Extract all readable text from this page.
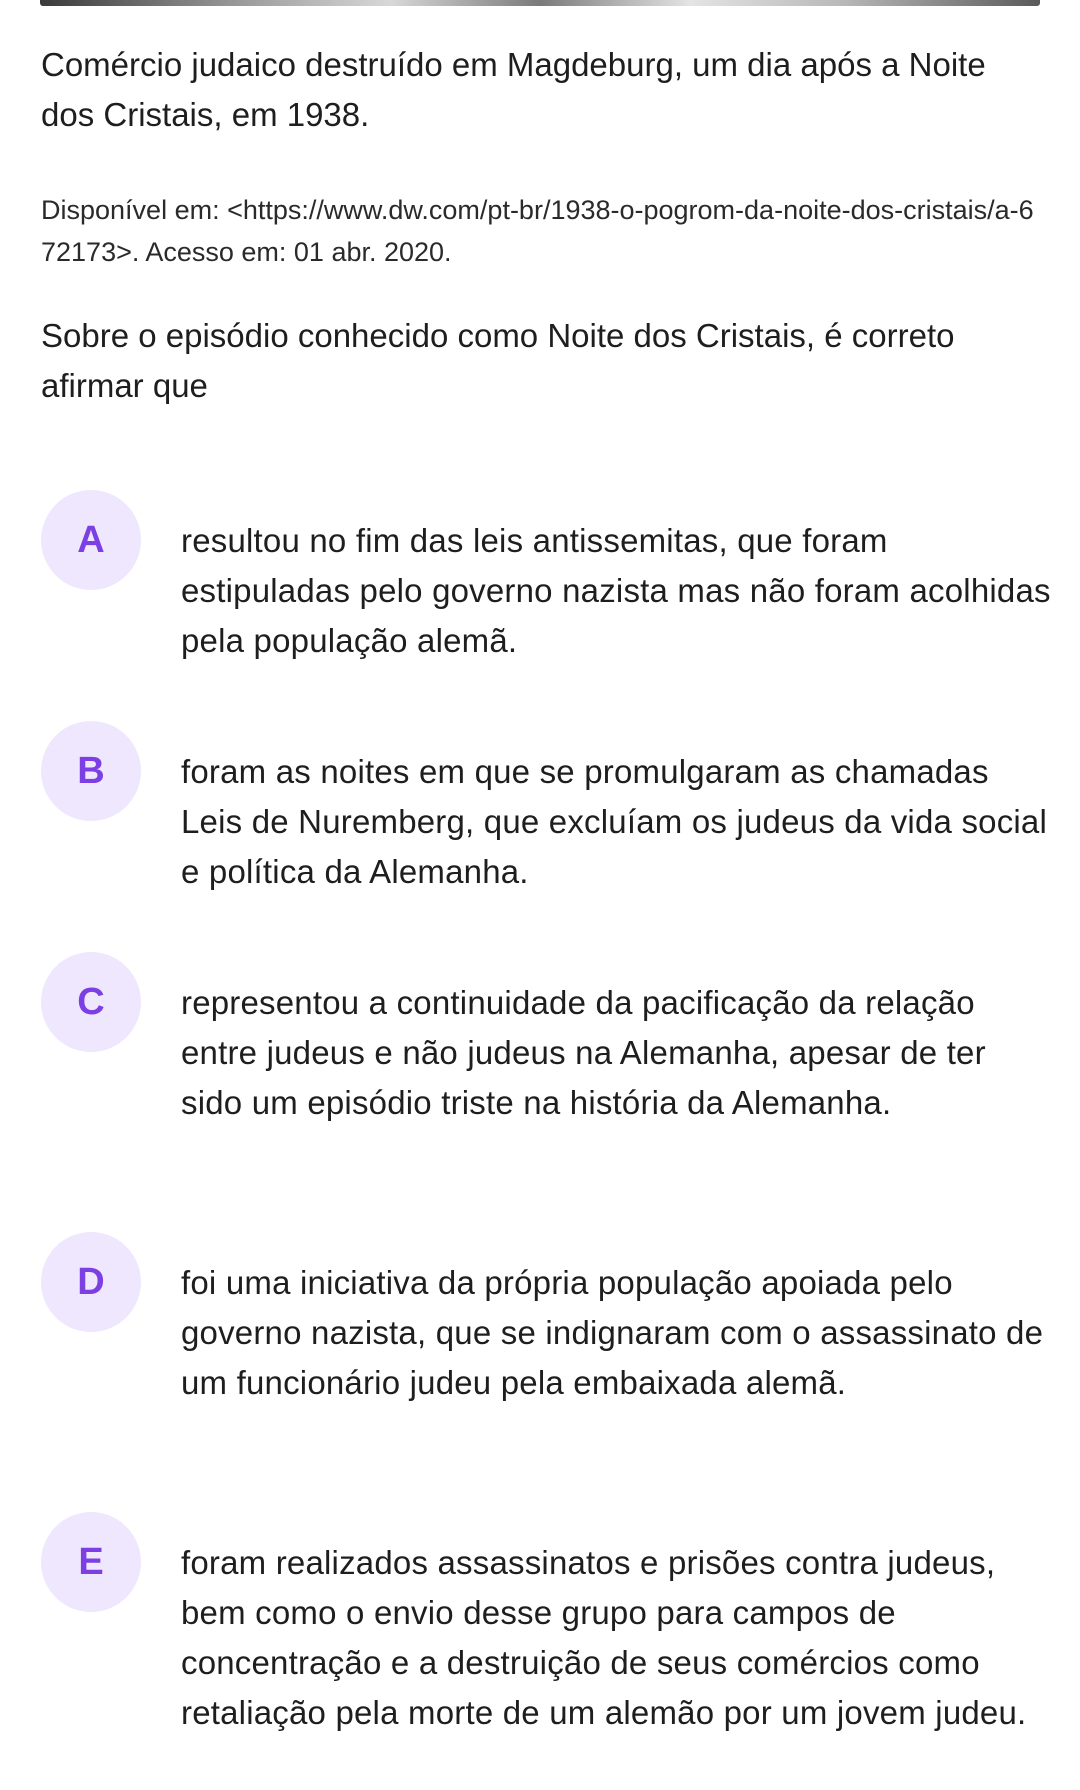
Comércio judaico destruído em Magdeburg, um dia após a Noite dos Cristais, em 1938.

Disponível em: <https://www.dw.com/pt-br/1938-o-pogrom-da-noite-dos-cristais/a-672173>. Acesso em: 01 abr. 2020.

Sobre o episódio conhecido como Noite dos Cristais, é correto afirmar que

A	resultou no fim das leis antissemitas, que foram estipuladas pelo governo nazista mas não foram acolhidas pela população alemã.
B	foram as noites em que se promulgaram as chamadas Leis de Nuremberg, que excluíam os judeus da vida social e política da Alemanha.
C	representou a continuidade da pacificação da relação entre judeus e não judeus na Alemanha, apesar de ter sido um episódio triste na história da Alemanha.
D	foi uma iniciativa da própria população apoiada pelo governo nazista, que se indignaram com o assassinato de um funcionário judeu pela embaixada alemã.
E	foram realizados assassinatos e prisões contra judeus, bem como o envio desse grupo para campos de concentração e a destruição de seus comércios como retaliação pela morte de um alemão por um jovem judeu.
